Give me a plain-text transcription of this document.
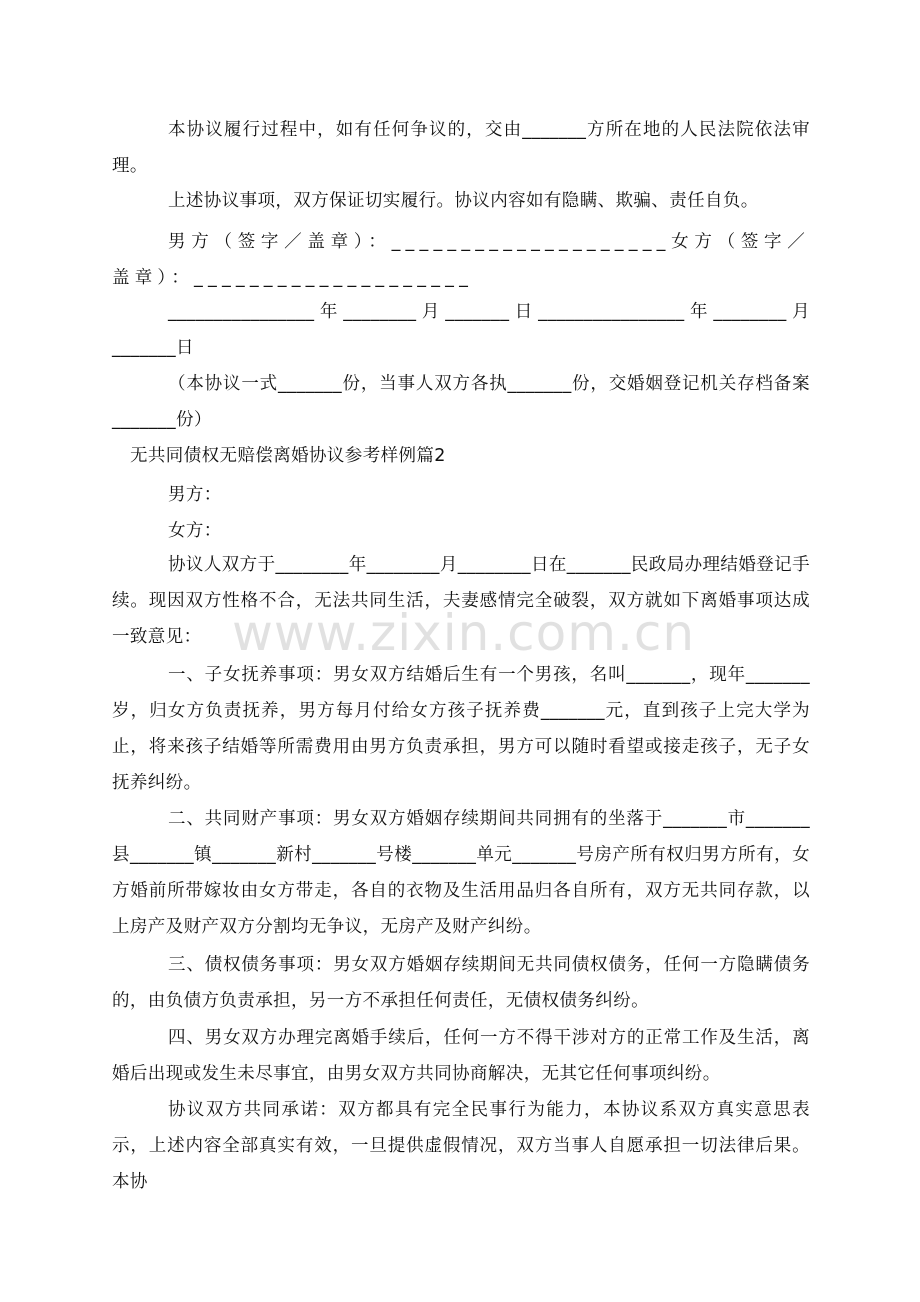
本协议履行过程中，如有任何争议的，交由_______方所在地的人民法院依法审理。

上述协议事项，双方保证切实履行。协议内容如有隐瞒、欺骗、责任自负。

男方（签字／盖章）：____________________女方（签字／盖章）：____________________

________________年________月_______日________________年________月_______日

（本协议一式_______份，当事人双方各执_______份，交婚姻登记机关存档备案_______份）

无共同债权无赔偿离婚协议参考样例篇2

男方：

女方：

协议人双方于________年________月________日在_______民政局办理结婚登记手续。现因双方性格不合，无法共同生活，夫妻感情完全破裂，双方就如下离婚事项达成一致意见：

一、子女抚养事项：男女双方结婚后生有一个男孩，名叫_______，现年_______岁，归女方负责抚养，男方每月付给女方孩子抚养费_______元，直到孩子上完大学为止，将来孩子结婚等所需费用由男方负责承担，男方可以随时看望或接走孩子，无子女抚养纠纷。

二、共同财产事项：男女双方婚姻存续期间共同拥有的坐落于_______市_______县_______镇_______新村_______号楼_______单元_______号房产所有权归男方所有，女方婚前所带嫁妆由女方带走，各自的衣物及生活用品归各自所有，双方无共同存款，以上房产及财产双方分割均无争议，无房产及财产纠纷。

三、债权债务事项：男女双方婚姻存续期间无共同债权债务，任何一方隐瞒债务的，由负债方负责承担，另一方不承担任何责任，无债权债务纠纷。

四、男女双方办理完离婚手续后，任何一方不得干涉对方的正常工作及生活，离婚后出现或发生未尽事宜，由男女双方共同协商解决，无其它任何事项纠纷。

协议双方共同承诺：双方都具有完全民事行为能力，本协议系双方真实意思表示，上述内容全部真实有效，一旦提供虚假情况，双方当事人自愿承担一切法律后果。本协

www.zixin.com.cn
